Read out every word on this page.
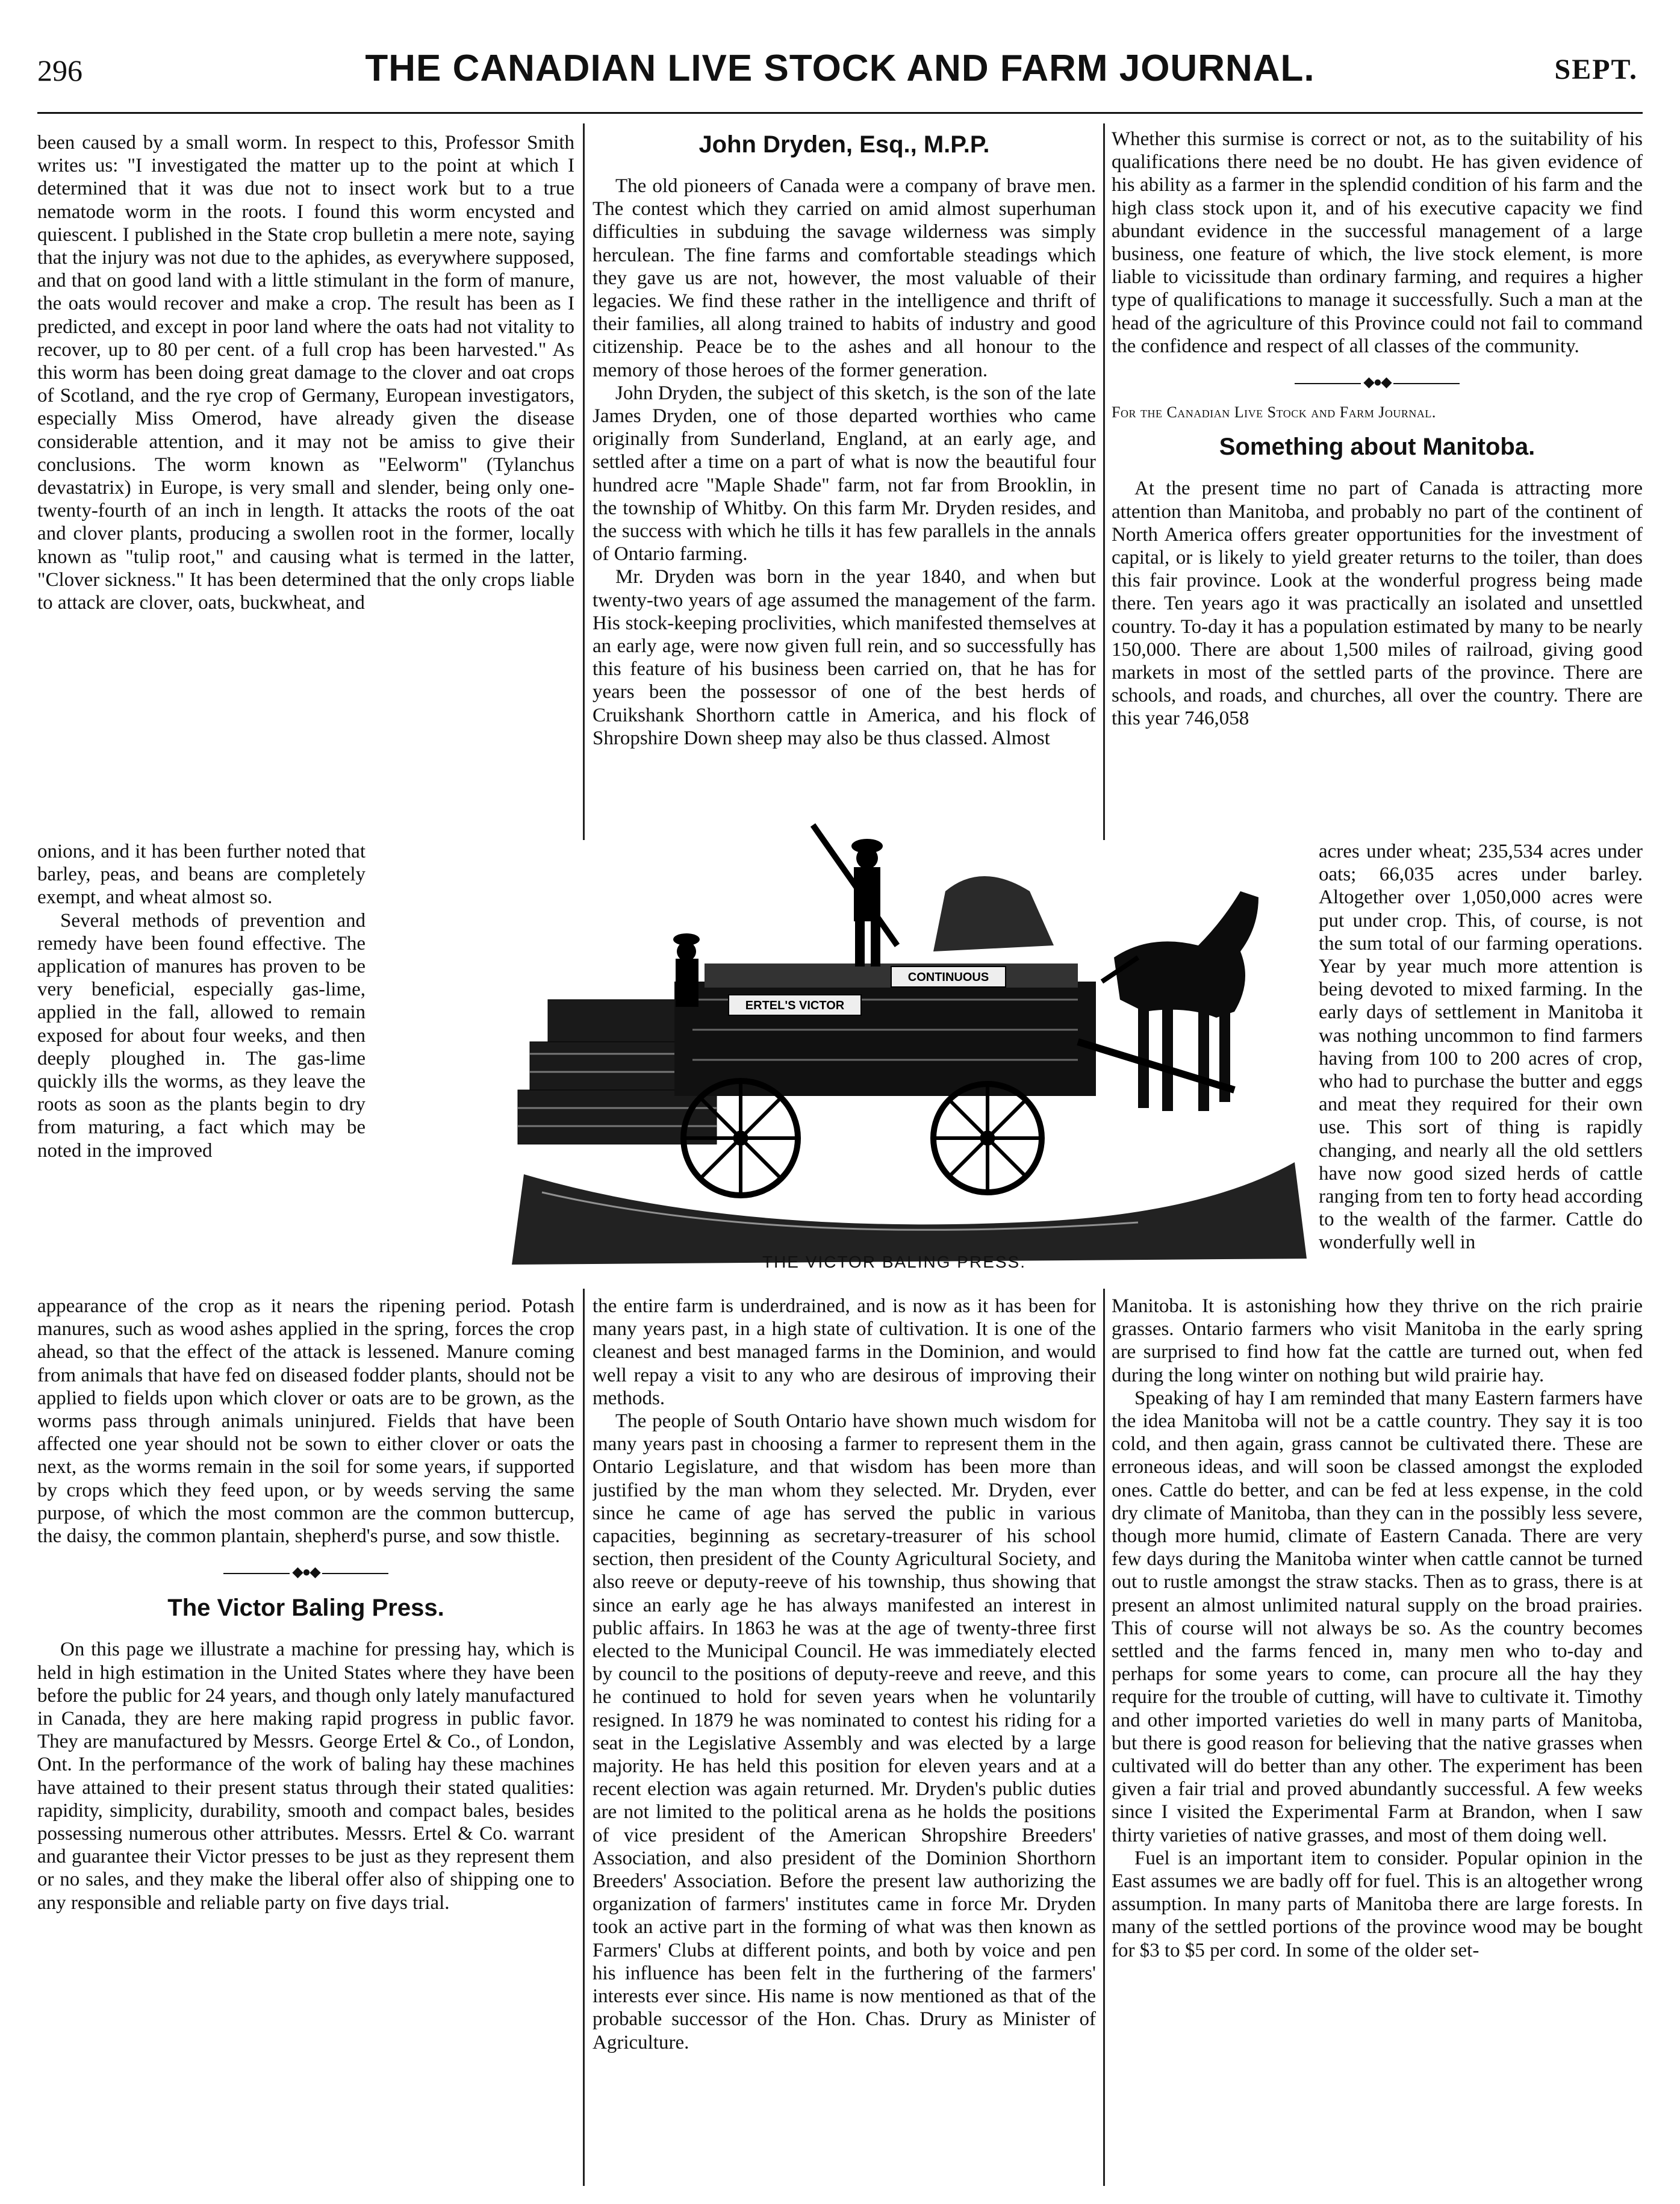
296	THE CANADIAN LIVE STOCK AND FARM JOURNAL.	SEPT.

been caused by a small worm. In respect to this, Professor Smith writes us: "I investigated the matter up to the point at which I determined that it was due not to insect work but to a true nematode worm in the roots. I found this worm encysted and quiescent. I published in the State crop bulletin a mere note, saying that the injury was not due to the aphides, as everywhere supposed, and that on good land with a little stimulant in the form of manure, the oats would recover and make a crop. The result has been as I predicted, and except in poor land where the oats had not vitality to recover, up to 80 per cent. of a full crop has been harvested." As this worm has been doing great damage to the clover and oat crops of Scotland, and the rye crop of Germany, European investigators, especially Miss Omerod, have already given the disease considerable attention, and it may not be amiss to give their conclusions. The worm known as "Eelworm" (Tylanchus devastatrix) in Europe, is very small and slender, being only one-twenty-fourth of an inch in length. It attacks the roots of the oat and clover plants, producing a swollen root in the former, locally known as "tulip root," and causing what is termed in the latter, "Clover sickness." It has been determined that the only crops liable to attack are clover, oats, buckwheat, and

onions, and it has been further noted that barley, peas, and beans are completely exempt, and wheat almost so.

Several methods of prevention and remedy have been found effective. The application of manures has proven to be very beneficial, especially gas-lime, applied in the fall, allowed to remain exposed for about four weeks, and then deeply ploughed in. The gas-lime quickly ills the worms, as they leave the roots as soon as the plants begin to dry from maturing, a fact which may be noted in the improved

appearance of the crop as it nears the ripening period. Potash manures, such as wood ashes applied in the spring, forces the crop ahead, so that the effect of the attack is lessened. Manure coming from animals that have fed on diseased fodder plants, should not be applied to fields upon which clover or oats are to be grown, as the worms pass through animals uninjured. Fields that have been affected one year should not be sown to either clover or oats the next, as the worms remain in the soil for some years, if supported by crops which they feed upon, or by weeds serving the same purpose, of which the most common are the common buttercup, the daisy, the common plantain, shepherd's purse, and sow thistle.

◆●◆
The Victor Baling Press.

On this page we illustrate a machine for pressing hay, which is held in high estimation in the United States where they have been before the public for 24 years, and though only lately manufactured in Canada, they are here making rapid progress in public favor. They are manufactured by Messrs. George Ertel & Co., of London, Ont. In the performance of the work of baling hay these machines have attained to their present status through their stated qualities: rapidity, simplicity, durability, smooth and compact bales, besides possessing numerous other attributes. Messrs. Ertel & Co. warrant and guarantee their Victor presses to be just as they represent them or no sales, and they make the liberal offer also of shipping one to any responsible and reliable party on five days trial.

John Dryden, Esq., M.P.P.

The old pioneers of Canada were a company of brave men. The contest which they carried on amid almost superhuman difficulties in subduing the savage wilderness was simply herculean. The fine farms and comfortable steadings which they gave us are not, however, the most valuable of their legacies. We find these rather in the intelligence and thrift of their families, all along trained to habits of industry and good citizenship. Peace be to the ashes and all honour to the memory of those heroes of the former generation.

John Dryden, the subject of this sketch, is the son of the late James Dryden, one of those departed worthies who came originally from Sunderland, England, at an early age, and settled after a time on a part of what is now the beautiful four hundred acre "Maple Shade" farm, not far from Brooklin, in the township of Whitby. On this farm Mr. Dryden resides, and the success with which he tills it has few parallels in the annals of Ontario farming.

Mr. Dryden was born in the year 1840, and when but twenty-two years of age assumed the management of the farm. His stock-keeping proclivities, which manifested themselves at an early age, were now given full rein, and so successfully has this feature of his business been carried on, that he has for years been the possessor of one of the best herds of Cruikshank Shorthorn cattle in America, and his flock of Shropshire Down sheep may also be thus classed. Almost

the entire farm is underdrained, and is now as it has been for many years past, in a high state of cultivation. It is one of the cleanest and best managed farms in the Dominion, and would well repay a visit to any who are desirous of improving their methods.

The people of South Ontario have shown much wisdom for many years past in choosing a farmer to represent them in the Ontario Legislature, and that wisdom has been more than justified by the man whom they selected. Mr. Dryden, ever since he came of age has served the public in various capacities, beginning as secretary-treasurer of his school section, then president of the County Agricultural Society, and also reeve or deputy-reeve of his township, thus showing that since an early age he has always manifested an interest in public affairs. In 1863 he was at the age of twenty-three first elected to the Municipal Council. He was immediately elected by council to the positions of deputy-reeve and reeve, and this he continued to hold for seven years when he voluntarily resigned. In 1879 he was nominated to contest his riding for a seat in the Legislative Assembly and was elected by a large majority. He has held this position for eleven years and at a recent election was again returned. Mr. Dryden's public duties are not limited to the political arena as he holds the positions of vice president of the American Shropshire Breeders' Association, and also president of the Dominion Shorthorn Breeders' Association. Before the present law authorizing the organization of farmers' institutes came in force Mr. Dryden took an active part in the forming of what was then known as Farmers' Clubs at different points, and both by voice and pen his influence has been felt in the furthering of the farmers' interests ever since. His name is now mentioned as that of the probable successor of the Hon. Chas. Drury as Minister of Agriculture.

Whether this surmise is correct or not, as to the suitability of his qualifications there need be no doubt. He has given evidence of his ability as a farmer in the splendid condition of his farm and the high class stock upon it, and of his executive capacity we find abundant evidence in the successful management of a large business, one feature of which, the live stock element, is more liable to vicissitude than ordinary farming, and requires a higher type of qualifications to manage it successfully. Such a man at the head of the agriculture of this Province could not fail to command the confidence and respect of all classes of the community.

◆●◆
For the Canadian Live Stock and Farm Journal.
Something about Manitoba.

At the present time no part of Canada is attracting more attention than Manitoba, and probably no part of the continent of North America offers greater opportunities for the investment of capital, or is likely to yield greater returns to the toiler, than does this fair province. Look at the wonderful progress being made there. Ten years ago it was practically an isolated and unsettled country. To-day it has a population estimated by many to be nearly 150,000. There are about 1,500 miles of railroad, giving good markets in most of the settled parts of the province. There are schools, and roads, and churches, all over the country. There are this year 746,058

acres under wheat; 235,534 acres under oats; 66,035 acres under barley. Altogether over 1,050,000 acres were put under crop. This, of course, is not the sum total of our farming operations. Year by year much more attention is being devoted to mixed farming. In the early days of settlement in Manitoba it was nothing uncommon to find farmers having from 100 to 200 acres of crop, who had to purchase the butter and eggs and meat they required for their own use. This sort of thing is rapidly changing, and nearly all the old settlers have now good sized herds of cattle ranging from ten to forty head according to the wealth of the farmer. Cattle do wonderfully well in

Manitoba. It is astonishing how they thrive on the rich prairie grasses. Ontario farmers who visit Manitoba in the early spring are surprised to find how fat the cattle are turned out, when fed during the long winter on nothing but wild prairie hay.

Speaking of hay I am reminded that many Eastern farmers have the idea Manitoba will not be a cattle country. They say it is too cold, and then again, grass cannot be cultivated there. These are erroneous ideas, and will soon be classed amongst the exploded ones. Cattle do better, and can be fed at less expense, in the cold dry climate of Manitoba, than they can in the possibly less severe, though more humid, climate of Eastern Canada. There are very few days during the Manitoba winter when cattle cannot be turned out to rustle amongst the straw stacks. Then as to grass, there is at present an almost unlimited natural supply on the broad prairies. This of course will not always be so. As the country becomes settled and the farms fenced in, many men who to-day and perhaps for some years to come, can procure all the hay they require for the trouble of cutting, will have to cultivate it. Timothy and other imported varieties do well in many parts of Manitoba, but there is good reason for believing that the native grasses when cultivated will do better than any other. The experiment has been given a fair trial and proved abundantly successful. A few weeks since I visited the Experimental Farm at Brandon, when I saw thirty varieties of native grasses, and most of them doing well.

Fuel is an important item to consider. Popular opinion in the East assumes we are badly off for fuel. This is an altogether wrong assumption. In many parts of Manitoba there are large forests. In many of the settled portions of the province wood may be bought for $3 to $5 per cord. In some of the older set-

ERTEL'S VICTOR
CONTINUOUS
THE VICTOR BALING PRESS.
